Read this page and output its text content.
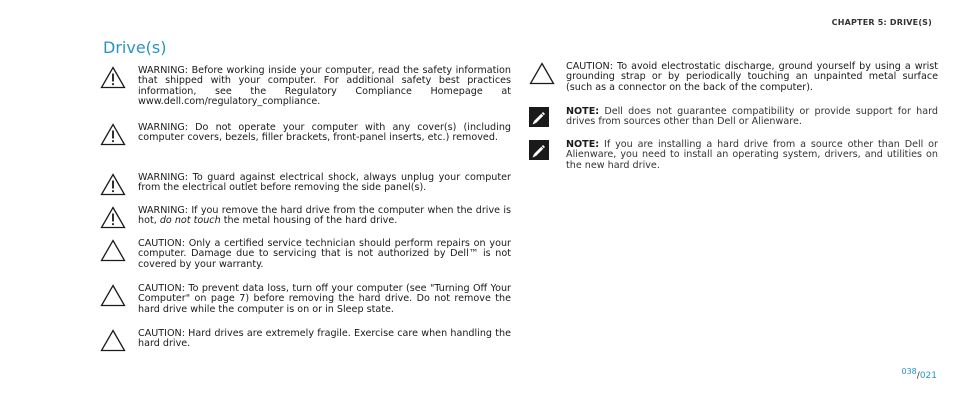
CHAPTER 5: DRIVE(S)
Drive(s)
WARNING: Before working inside your computer, read the safety information that shipped with your computer. For additional safety best practices information, see the Regulatory Compliance Homepage at www.dell.com/regulatory_compliance.
WARNING: Do not operate your computer with any cover(s) (including computer covers, bezels, filler brackets, front-panel inserts, etc.) removed.
WARNING: To guard against electrical shock, always unplug your computer from the electrical outlet before removing the side panel(s).
WARNING: If you remove the hard drive from the computer when the drive is hot, do not touch the metal housing of the hard drive.
CAUTION: Only a certified service technician should perform repairs on your computer. Damage due to servicing that is not authorized by Dell™ is not covered by your warranty.
CAUTION: To prevent data loss, turn off your computer (see "Turning Off Your Computer" on page 7) before removing the hard drive. Do not remove the hard drive while the computer is on or in Sleep state.
CAUTION: Hard drives are extremely fragile. Exercise care when handling the hard drive.
CAUTION: To avoid electrostatic discharge, ground yourself by using a wrist grounding strap or by periodically touching an unpainted metal surface (such as a connector on the back of the computer).
NOTE: Dell does not guarantee compatibility or provide support for hard drives from sources other than Dell or Alienware.
NOTE: If you are installing a hard drive from a source other than Dell or Alienware, you need to install an operating system, drivers, and utilities on the new hard drive.
038/021
